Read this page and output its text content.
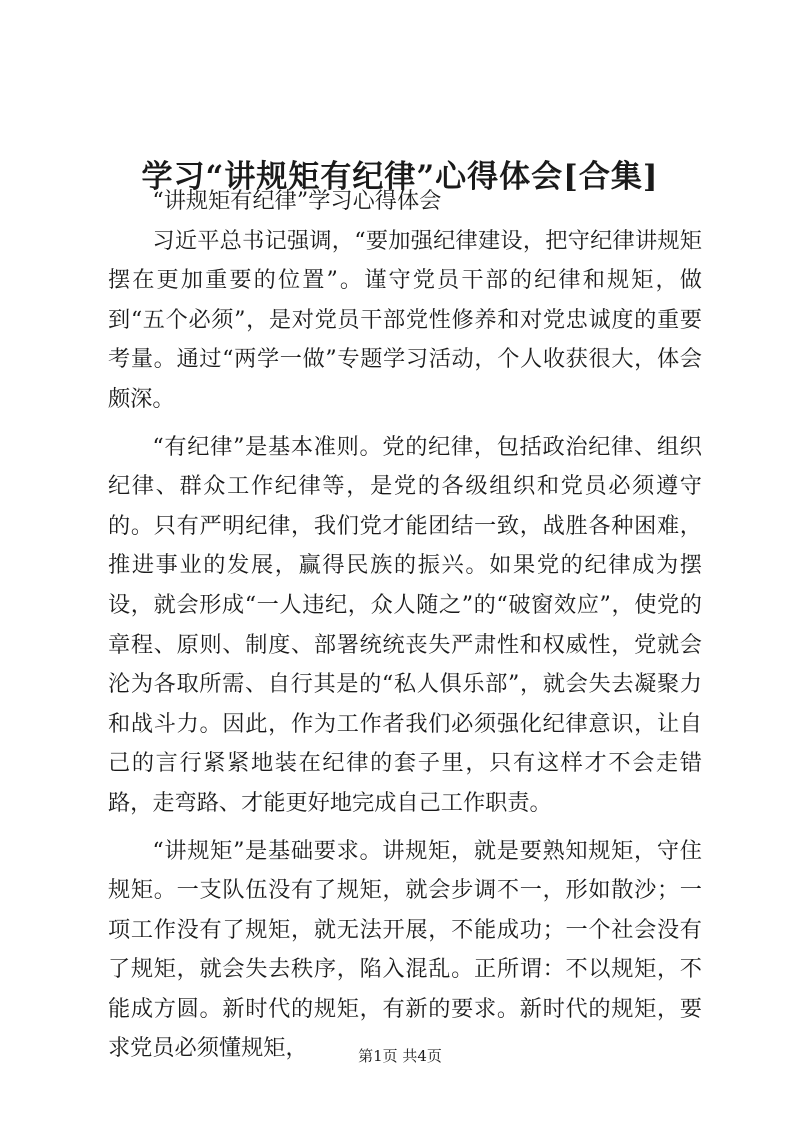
学习“讲规矩有纪律”心得体会[合集]

“讲规矩有纪律”学习心得体会

习近平总书记强调，“要加强纪律建设，把守纪律讲规矩摆在更加重要的位置”。谨守党员干部的纪律和规矩，做到“五个必须”，是对党员干部党性修养和对党忠诚度的重要考量。通过“两学一做”专题学习活动，个人收获很大，体会颇深。

“有纪律”是基本准则。党的纪律，包括政治纪律、组织纪律、群众工作纪律等，是党的各级组织和党员必须遵守的。只有严明纪律，我们党才能团结一致，战胜各种困难，推进事业的发展，赢得民族的振兴。如果党的纪律成为摆设，就会形成“一人违纪，众人随之”的“破窗效应”，使党的章程、原则、制度、部署统统丧失严肃性和权威性，党就会沦为各取所需、自行其是的“私人俱乐部”，就会失去凝聚力和战斗力。因此，作为工作者我们必须强化纪律意识，让自己的言行紧紧地装在纪律的套子里，只有这样才不会走错路，走弯路、才能更好地完成自己工作职责。

“讲规矩”是基础要求。讲规矩，就是要熟知规矩，守住规矩。一支队伍没有了规矩，就会步调不一，形如散沙；一项工作没有了规矩，就无法开展，不能成功；一个社会没有了规矩，就会失去秩序，陷入混乱。正所谓：不以规矩，不能成方圆。新时代的规矩，有新的要求。新时代的规矩，要求党员必须懂规矩，	第1页 共4页
